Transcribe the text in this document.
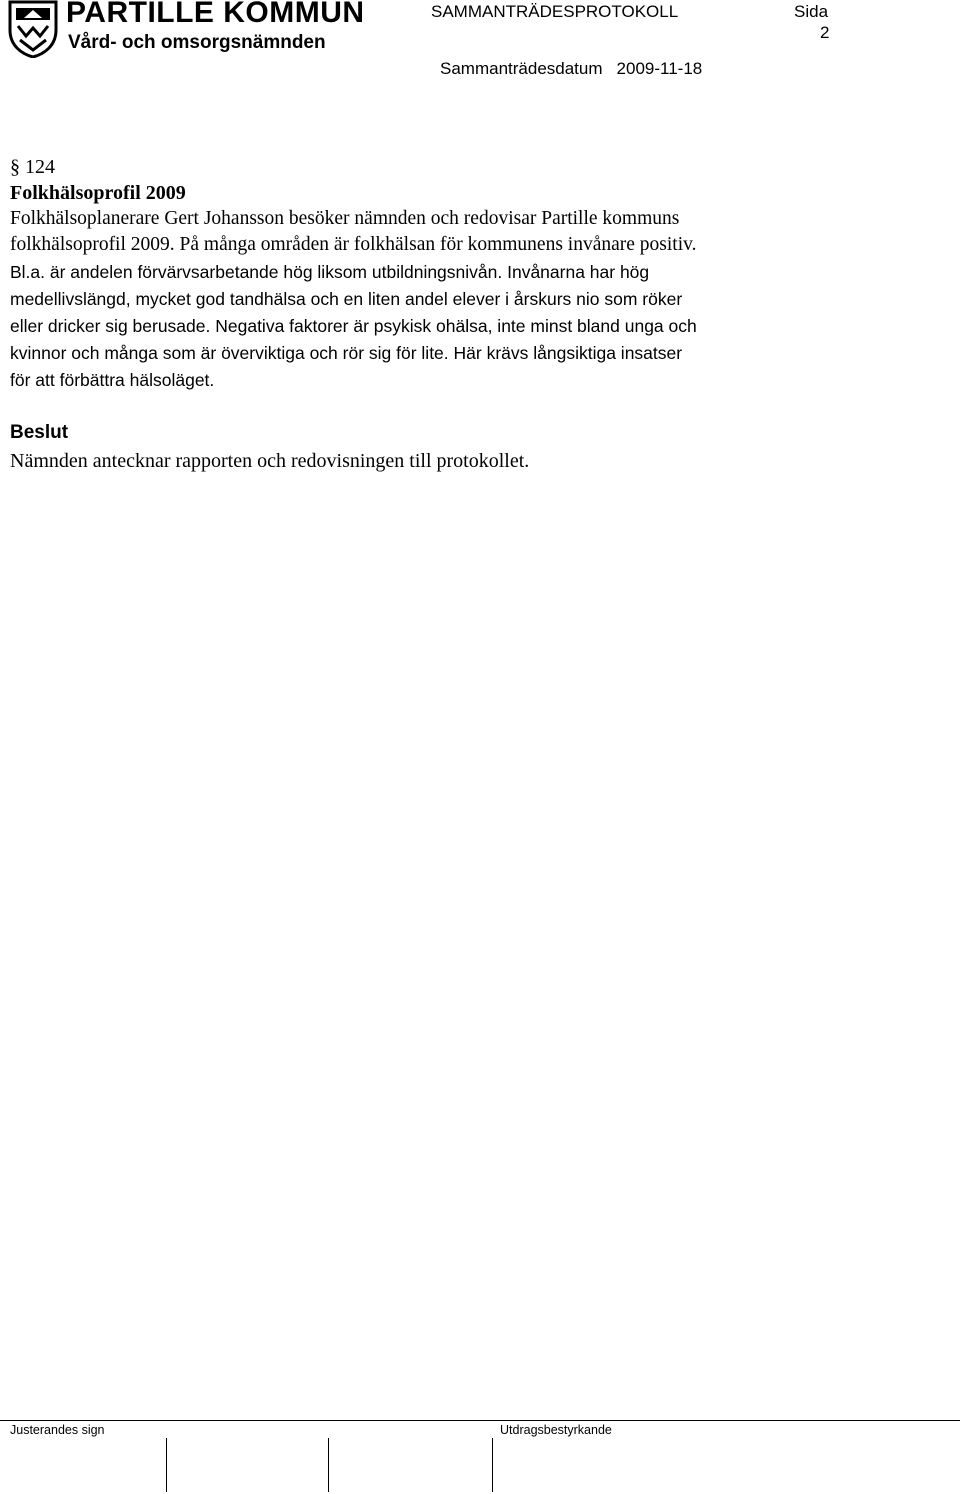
PARTILLE KOMMUN
Vård- och omsorgsnämnden
SAMMANTRÄDESPROTOKOLL	Sida
2
Sammanträdesdatum 2009-11-18
§ 124
Folkhälsoprofil 2009
Folkhälsoplanerare Gert Johansson besöker nämnden och redovisar Partille kommuns
folkhälsoprofil 2009. På många områden är folkhälsan för kommunens invånare positiv.
Bl.a. är andelen förvärvsarbetande hög liksom utbildningsnivån. Invånarna har hög
medellivslängd, mycket god tandhälsa och en liten andel elever i årskurs nio som röker
eller dricker sig berusade. Negativa faktorer är psykisk ohälsa, inte minst bland unga och
kvinnor och många som är överviktiga och rör sig för lite. Här krävs långsiktiga insatser
för att förbättra hälsoläget.
Beslut
Nämnden antecknar rapporten och redovisningen till protokollet.
Justerandes sign	Utdragsbestyrkande
